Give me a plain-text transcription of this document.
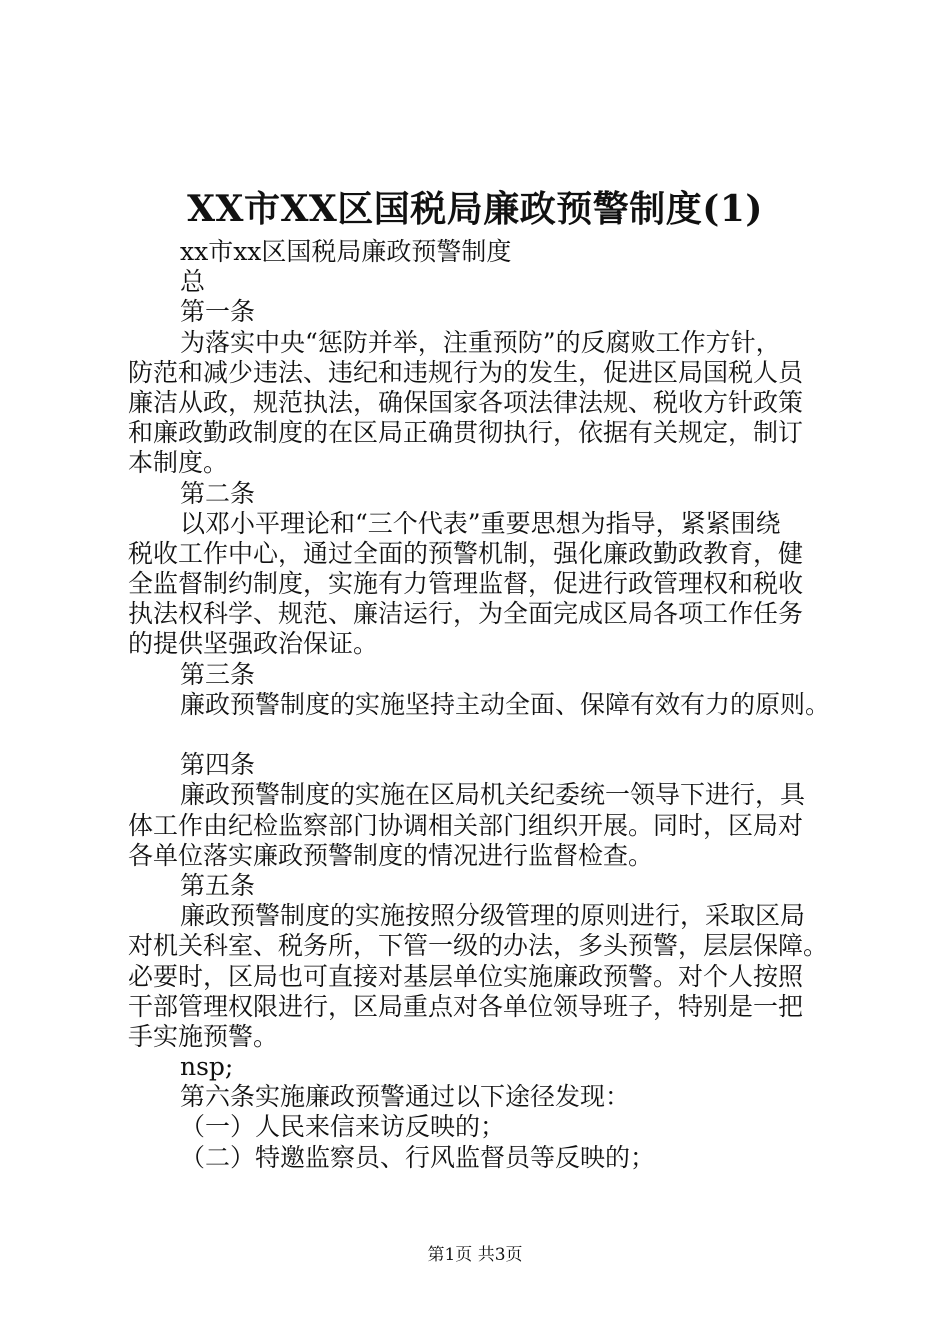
XX市XX区国税局廉政预警制度(1)
xx市xx区国税局廉政预警制度
总
第一条
为落实中央“惩防并举，注重预防”的反腐败工作方针，
防范和减少违法、违纪和违规行为的发生，促进区局国税人员
廉洁从政，规范执法，确保国家各项法律法规、税收方针政策
和廉政勤政制度的在区局正确贯彻执行，依据有关规定，制订
本制度。
第二条
以邓小平理论和“三个代表”重要思想为指导，紧紧围绕
税收工作中心，通过全面的预警机制，强化廉政勤政教育，健
全监督制约制度，实施有力管理监督，促进行政管理权和税收
执法权科学、规范、廉洁运行，为全面完成区局各项工作任务
的提供坚强政治保证。
第三条
廉政预警制度的实施坚持主动全面、保障有效有力的原则。
第四条
廉政预警制度的实施在区局机关纪委统一领导下进行，具
体工作由纪检监察部门协调相关部门组织开展。同时，区局对
各单位落实廉政预警制度的情况进行监督检查。
第五条
廉政预警制度的实施按照分级管理的原则进行，采取区局
对机关科室、税务所，下管一级的办法，多头预警，层层保障。
必要时，区局也可直接对基层单位实施廉政预警。对个人按照
干部管理权限进行，区局重点对各单位领导班子，特别是一把
手实施预警。
nsp;
第六条实施廉政预警通过以下途径发现：
（一）人民来信来访反映的；
（二）特邀监察员、行风监督员等反映的；
第1页 共3页
